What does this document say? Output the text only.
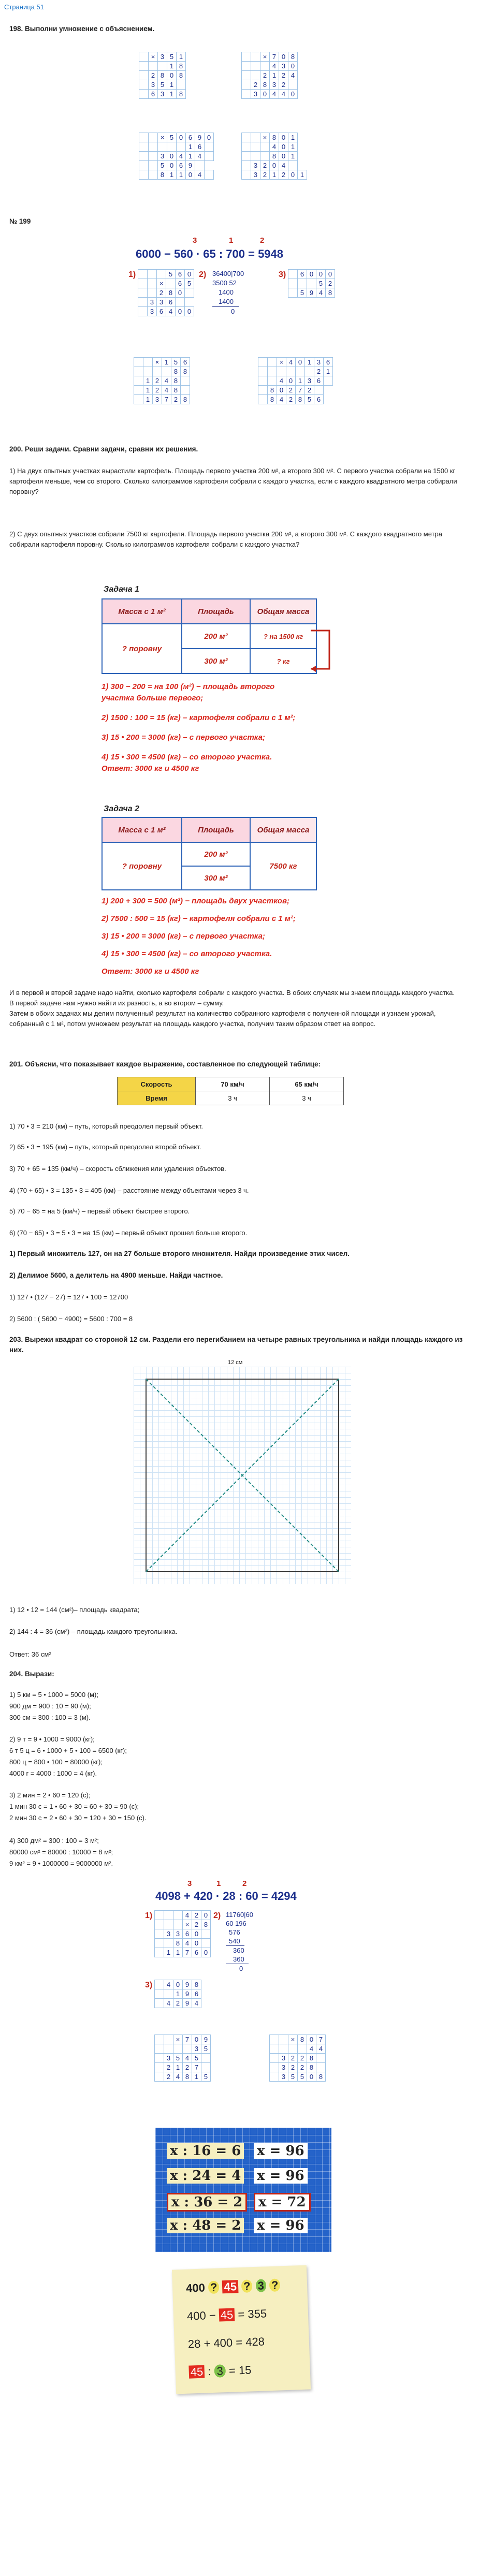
Страница 51
198. Выполни умножение с объяснением.
	×	3	5	1
			1	8
	2	8	0	8
	3	5	1	
	6	3	1	8
		×	7	0	8
			4	3	0
		2	1	2	4
	2	8	3	2	
	3	0	4	4	0
		×	5	0	6	9	0
					1	6	
		3	0	4	1	4	
		5	0	6	9		
		8	1	1	0	4	
		×	8	0	1	
			4	0	1	
			8	0	1	
	3	2	0	4		
	3	2	1	2	0	1
№ 199
3	1	2
6000 − 560 · 65 : 700 = 5948
1)
				5	6	0
		×		6	5
		2	8	0	
	3	3	6		
	3	6	4	0	0
2) 36400|700
3500 52
1400
1400
0
3)
	6	0	0	0
			5	2
	5	9	4	8
		×	1	5	6
				8	8
	1	2	4	8	
	1	2	4	8	
	1	3	7	2	8
		×	4	0	1	3	6
						2	1
		4	0	1	3	6	
	8	0	2	7	2		
	8	4	2	8	5	6	
200. Реши задачи. Сравни задачи, сравни их решения.
1) На двух опытных участках вырастили картофель. Площадь первого участка 200 м², а второго 300 м². С первого участка собрали на 1500 кг картофеля меньше, чем со второго. Сколько килограммов картофеля собрали с каждого участка, если с каждого квадратного метра собирали поровну?
2) С двух опытных участков собрали 7500 кг картофеля. Площадь первого участка 200 м², а второго 300 м². С каждого квадратного метра собирали картофеля поровну. Сколько килограммов картофеля собрали с каждого участка?
Задача 1
Масса с 1 м²	Площадь	Общая масса
? поровну	200 м²	? на 1500 кг
	300 м²	? кг
1) 300 − 200 = на 100 (м²) − площадь второго участка больше первого;
2) 1500 : 100 = 15 (кг) – картофеля собрали с 1 м²;
3) 15 • 200 = 3000 (кг) – с первого участка;
4) 15 • 300 = 4500 (кг) – со второго участка.
Ответ: 3000 кг и 4500 кг
Задача 2
Масса с 1 м²	Площадь	Общая масса
? поровну	200 м²	7500 кг
	300 м²	
1) 200 + 300 = 500 (м²) − площадь двух участков;
2) 7500 : 500 = 15 (кг) − картофеля собрали с 1 м²;
3) 15 • 200 = 3000 (кг) – с первого участка;
4) 15 • 300 = 4500 (кг) – со второго участка.
Ответ: 3000 кг и 4500 кг
И в первой и второй задаче надо найти, сколько картофеля собрали с каждого участка. В обоих случаях мы знаем площадь каждого участка.
В первой задаче нам нужно найти их разность, а во втором – сумму.
Затем в обоих задачах мы делим полученный результат на количество собранного картофеля с полученной площади и узнаем урожай, собранный с 1 м², потом умножаем результат на площадь каждого участка, получим таким образом ответ на вопрос.
201. Объясни, что показывает каждое выражение, составленное по следующей таблице:
Скорость	70 км/ч	65 км/ч
Время	3 ч	3 ч
1) 70 • 3 = 210 (км) – путь, который преодолел первый объект.
2) 65 • 3 = 195 (км) – путь, который преодолел второй объект.
3) 70 + 65 = 135 (км/ч) – скорость сближения или удаления объектов.
4) (70 + 65) • 3 = 135 • 3 = 405 (км) – расстояние между объектами через 3 ч.
5) 70 − 65 = на 5 (км/ч) – первый объект быстрее второго.
6) (70 − 65) • 3 = 5 • 3 = на 15 (км) – первый объект прошел больше второго.
1) Первый множитель 127, он на 27 больше второго множителя. Найди произведение этих чисел.
2) Делимое 5600, а делитель на 4900 меньше. Найди частное.
1) 127 • (127 − 27) = 127 • 100 = 12700
2) 5600 : ( 5600 − 4900) = 5600 : 700 = 8
203. Вырежи квадрат со стороной 12 см. Раздели его перегибанием на четыре равных треугольника и найди площадь каждого из них.
12 см
1) 12 • 12 = 144 (см²)– площадь квадрата;
2) 144 : 4 = 36 (см²) – площадь каждого треугольника.
Ответ: 36 см²
204. Вырази:
1) 5 км = 5 • 1000 = 5000 (м);
900 дм = 900 : 10 = 90 (м);
300 см = 300 : 100 = 3 (м).
2) 9 т = 9 • 1000 = 9000 (кг);
6 т 5 ц = 6 • 1000 + 5 • 100 = 6500 (кг);
800 ц = 800 • 100 = 80000 (кг);
4000 г = 4000 : 1000 = 4 (кг).
3) 2 мин = 2 • 60 = 120 (с);
1 мин 30 с = 1 • 60 + 30 = 60 + 30 = 90 (с);
2 мин 30 с = 2 • 60 + 30 = 120 + 30 = 150 (с).
4) 300 дм² = 300 : 100 = 3 м²;
80000 см² = 80000 : 10000 = 8 м²;
9 км² = 9 • 1000000 = 9000000 м².
3	1	2
4098 + 420 · 28 : 60 = 4294
1)
				4	2	0
			×	2	8
	3	3	6	0	
		8	4	0	
	1	1	7	6	0
2) 11760|60
60 196
576
540
360
360
0
3)
	4	0	9	8
		1	9	6
	4	2	9	4
		×	7	0	9
				3	5
	3	5	4	5	
	2	1	2	7	
	2	4	8	1	5
		×	8	0	7
				4	4
	3	2	2	8	
	3	2	2	8	
	3	5	5	0	8
x : 16 = 6 x = 96
x : 24 = 4 x = 96
x : 36 = 2	x = 72
x : 48 = 2 x = 96
400 ? 45 ? 3 ?
400 − 45 = 355
28 + 400 = 428
45 : 3 = 15
